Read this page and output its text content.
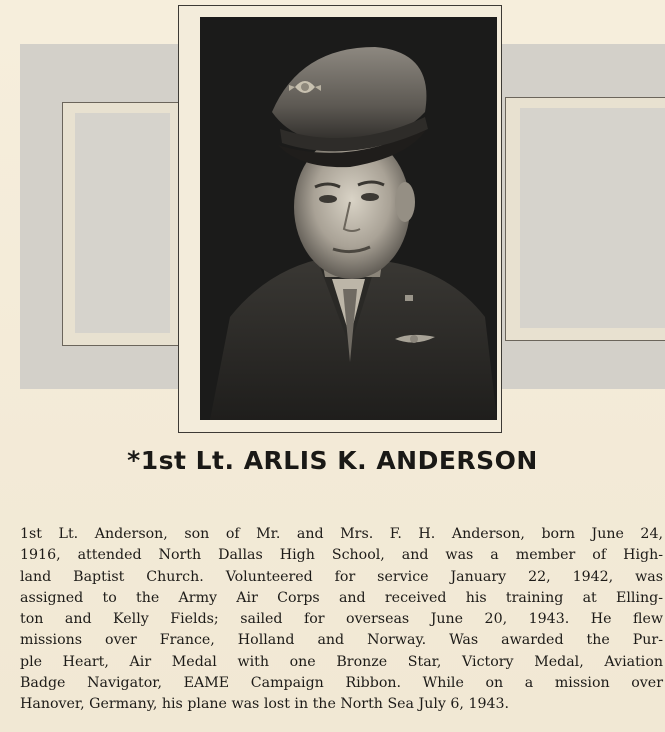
*1st Lt. ARLIS K. ANDERSON
1st Lt. Anderson, son of Mr. and Mrs. F. H. Anderson, born June 24,
1916, attended North Dallas High School, and was a member of High-
land Baptist Church. Volunteered for service January 22, 1942, was
assigned to the Army Air Corps and received his training at Elling-
ton and Kelly Fields; sailed for overseas June 20, 1943. He flew
missions over France, Holland and Norway. Was awarded the Pur-
ple Heart, Air Medal with one Bronze Star, Victory Medal, Aviation
Badge Navigator, EAME Campaign Ribbon. While on a mission over
Hanover, Germany, his plane was lost in the North Sea July 6, 1943.
